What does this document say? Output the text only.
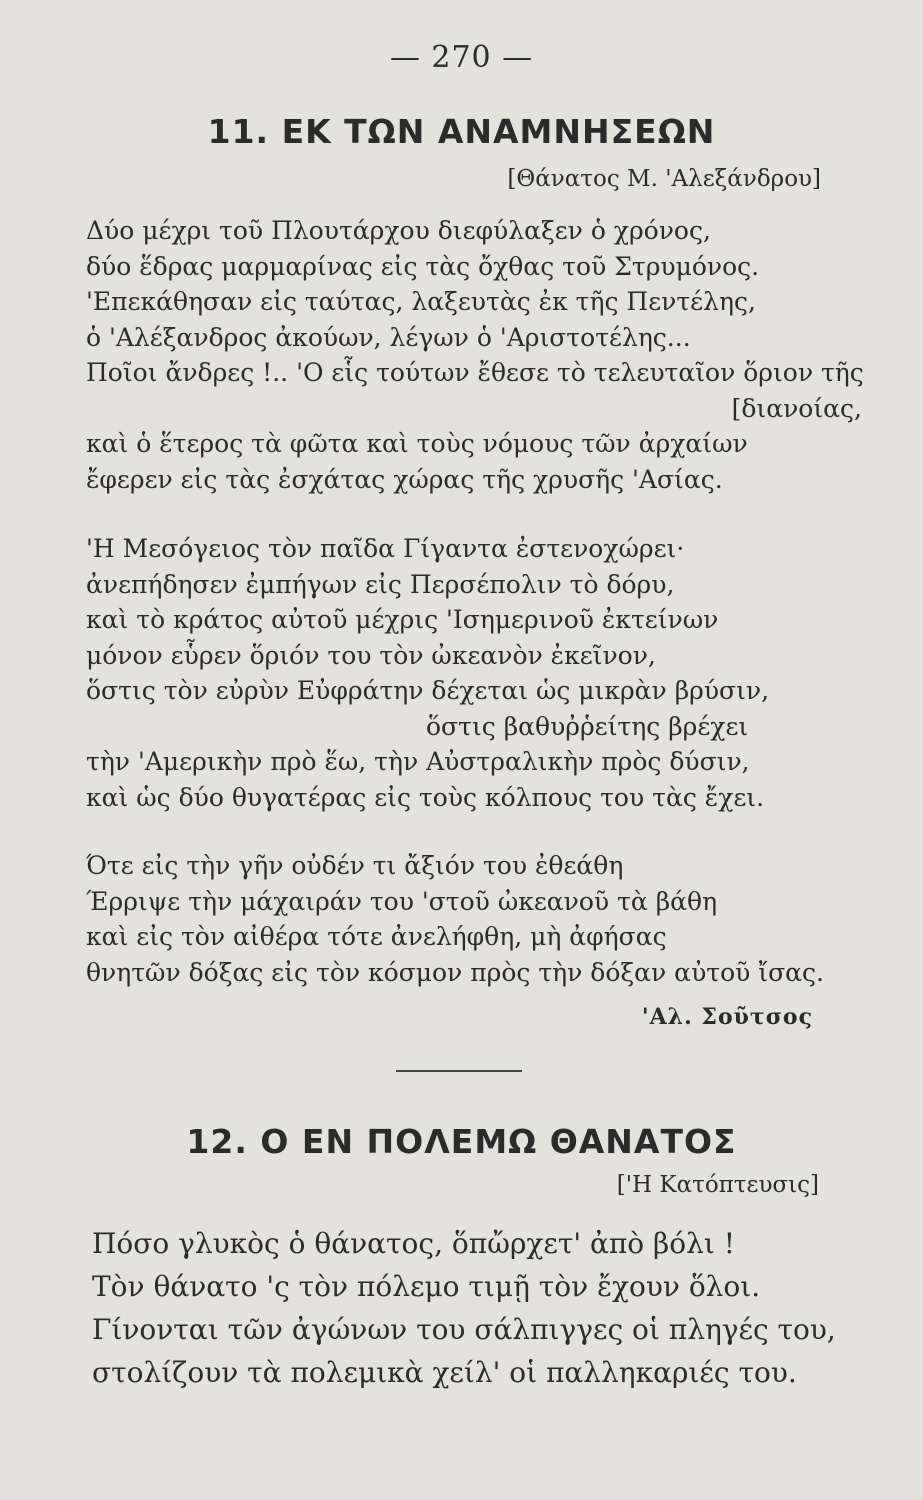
— 270 —
11. ΕΚ ΤΩΝ ΑΝΑΜΝΗΣΕΩΝ
[Θάνατος Μ. 'Αλεξάνδρου]
Δύο μέχρι τοῦ Πλουτάρχου διεφύλαξεν ὁ χρόνος,
δύο ἕδρας μαρμαρίνας εἰς τὰς ὄχθας τοῦ Στρυμόνος.
'Επεκάθησαν εἰς ταύτας, λαξευτὰς ἐκ τῆς Πεντέλης,
ὁ 'Αλέξανδρος ἀκούων, λέγων ὁ 'Αριστοτέλης...
Ποῖοι ἄνδρες !.. 'Ο εἷς τούτων ἔθεσε τὸ τελευταῖον ὅριον τῆς
[διανοίας,
καὶ ὁ ἕτερος τὰ φῶτα καὶ τοὺς νόμους τῶν ἀρχαίων
ἔφερεν εἰς τὰς ἐσχάτας χώρας τῆς χρυσῆς 'Ασίας.
'Η Μεσόγειος τὸν παῖδα Γίγαντα ἐστενοχώρει·
ἀνεπήδησεν ἐμπήγων εἰς Περσέπολιν τὸ δόρυ,
καὶ τὸ κράτος αὐτοῦ μέχρις 'Ισημερινοῦ ἐκτείνων
μόνον εὗρεν ὅριόν του τὸν ὠκεανὸν ἐκεῖνον,
ὅστις τὸν εὐρὺν Εὐφράτην δέχεται ὡς μικρὰν βρύσιν,
ὅστις βαθυῤῥείτης βρέχει
τὴν 'Αμερικὴν πρὸ ἕω, τὴν Αὐστραλικὴν πρὸς δύσιν,
καὶ ὡς δύο θυγατέρας εἰς τοὺς κόλπους του τὰς ἔχει.
Ότε εἰς τὴν γῆν οὐδέν τι ἄξιόν του ἐθεάθη
Έρριψε τὴν μάχαιράν του 'στοῦ ὠκεανοῦ τὰ βάθη
καὶ εἰς τὸν αἰθέρα τότε ἀνελήφθη, μὴ ἀφήσας
θνητῶν δόξας εἰς τὸν κόσμον πρὸς τὴν δόξαν αὐτοῦ ἴσας.
'Αλ. Σοῦτσος
12. Ο ΕΝ ΠΟΛΕΜΩ ΘΑΝΑΤΟΣ
['Η Κατόπτευσις]
Πόσο γλυκὸς ὁ θάνατος, ὅπὤρχετ' ἀπὸ βόλι !
Τὸν θάνατο 'ς τὸν πόλεμο τιμῇ τὸν ἔχουν ὅλοι.
Γίνονται τῶν ἀγώνων του σάλπιγγες οἱ πληγές του,
στολίζουν τὰ πολεμικὰ χείλ' οἱ παλληκαριές του.
